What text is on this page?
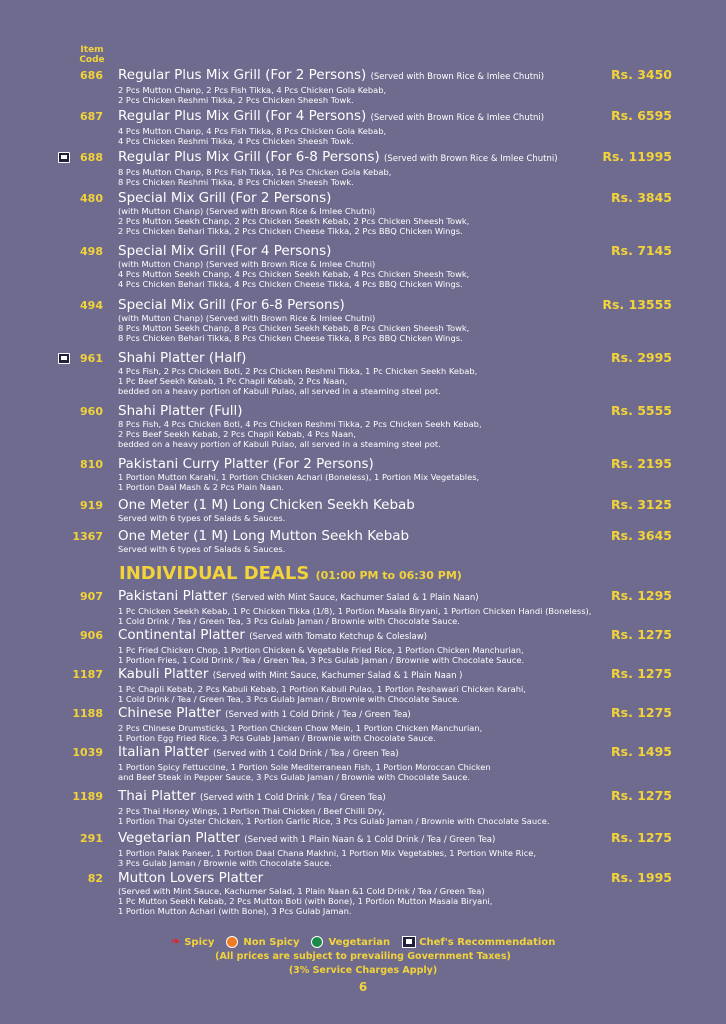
Item Code
686 Regular Plus Mix Grill (For 2 Persons) (Served with Brown Rice & Imlee Chutni)
2 Pcs Mutton Chanp, 2 Pcs Fish Tikka, 4 Pcs Chicken Gola Kebab,
2 Pcs Chicken Reshmi Tikka, 2 Pcs Chicken Sheesh Towk.
Rs. 3450
687 Regular Plus Mix Grill (For 4 Persons) (Served with Brown Rice & Imlee Chutni)
4 Pcs Mutton Chanp, 4 Pcs Fish Tikka, 8 Pcs Chicken Gola Kebab,
4 Pcs Chicken Reshmi Tikka, 4 Pcs Chicken Sheesh Towk.
Rs. 6595
688 Regular Plus Mix Grill (For 6-8 Persons) (Served with Brown Rice & Imlee Chutni)
8 Pcs Mutton Chanp, 8 Pcs Fish Tikka, 16 Pcs Chicken Gola Kebab,
8 Pcs Chicken Reshmi Tikka, 8 Pcs Chicken Sheesh Towk.
Rs. 11995
480 Special Mix Grill (For 2 Persons)
(with Mutton Chanp) (Served with Brown Rice & Imlee Chutni)
2 Pcs Mutton Seekh Chanp, 2 Pcs Chicken Seekh Kebab, 2 Pcs Chicken Sheesh Towk,
2 Pcs Chicken Behari Tikka, 2 Pcs Chicken Cheese Tikka, 2 Pcs BBQ Chicken Wings.
Rs. 3845
498 Special Mix Grill (For 4 Persons)
(with Mutton Chanp) (Served with Brown Rice & Imlee Chutni)
4 Pcs Mutton Seekh Chanp, 4 Pcs Chicken Seekh Kebab, 4 Pcs Chicken Sheesh Towk,
4 Pcs Chicken Behari Tikka, 4 Pcs Chicken Cheese Tikka, 4 Pcs BBQ Chicken Wings.
Rs. 7145
494 Special Mix Grill (For 6-8 Persons)
(with Mutton Chanp) (Served with Brown Rice & Imlee Chutni)
8 Pcs Mutton Seekh Chanp, 8 Pcs Chicken Seekh Kebab, 8 Pcs Chicken Sheesh Towk,
8 Pcs Chicken Behari Tikka, 8 Pcs Chicken Cheese Tikka, 8 Pcs BBQ Chicken Wings.
Rs. 13555
961 Shahi Platter (Half)
4 Pcs Fish, 2 Pcs Chicken Boti, 2 Pcs Chicken Reshmi Tikka, 1 Pc Chicken Seekh Kebab,
1 Pc Beef Seekh Kebab, 1 Pc Chapli Kebab, 2 Pcs Naan,
bedded on a heavy portion of Kabuli Pulao, all served in a steaming steel pot.
Rs. 2995
960 Shahi Platter (Full)
8 Pcs Fish, 4 Pcs Chicken Boti, 4 Pcs Chicken Reshmi Tikka, 2 Pcs Chicken Seekh Kebab,
2 Pcs Beef Seekh Kebab, 2 Pcs Chapli Kebab, 4 Pcs Naan,
bedded on a heavy portion of Kabuli Pulao, all served in a steaming steel pot.
Rs. 5555
810 Pakistani Curry Platter (For 2 Persons)
1 Portion Mutton Karahi, 1 Portion Chicken Achari (Boneless), 1 Portion Mix Vegetables,
1 Portion Daal Mash & 2 Pcs Plain Naan.
Rs. 2195
919 One Meter (1 M) Long Chicken Seekh Kebab
Served with 6 types of Salads & Sauces.
Rs. 3125
1367 One Meter (1 M) Long Mutton Seekh Kebab
Served with 6 types of Salads & Sauces.
Rs. 3645
INDIVIDUAL DEALS (01:00 PM to 06:30 PM)
907 Pakistani Platter (Served with Mint Sauce, Kachumer Salad & 1 Plain Naan)
1 Pc Chicken Seekh Kebab, 1 Pc Chicken Tikka (1/8), 1 Portion Masala Biryani, 1 Portion Chicken Handi (Boneless),
1 Cold Drink / Tea / Green Tea, 3 Pcs Gulab Jaman / Brownie with Chocolate Sauce.
Rs. 1295
906 Continental Platter (Served with Tomato Ketchup & Coleslaw)
1 Pc Fried Chicken Chop, 1 Portion Chicken & Vegetable Fried Rice, 1 Portion Chicken Manchurian,
1 Portion Fries, 1 Cold Drink / Tea / Green Tea, 3 Pcs Gulab Jaman / Brownie with Chocolate Sauce.
Rs. 1275
1187 Kabuli Platter (Served with Mint Sauce, Kachumer Salad & 1 Plain Naan )
1 Pc Chapli Kebab, 2 Pcs Kabuli Kebab, 1 Portion Kabuli Pulao, 1 Portion Peshawari Chicken Karahi,
1 Cold Drink / Tea / Green Tea, 3 Pcs Gulab Jaman / Brownie with Chocolate Sauce.
Rs. 1275
1188 Chinese Platter (Served with 1 Cold Drink / Tea / Green Tea)
2 Pcs Chinese Drumsticks, 1 Portion Chicken Chow Mein, 1 Portion Chicken Manchurian,
1 Portion Egg Fried Rice, 3 Pcs Gulab Jaman / Brownie with Chocolate Sauce.
Rs. 1275
1039 Italian Platter (Served with 1 Cold Drink / Tea / Green Tea)
1 Portion Spicy Fettuccine, 1 Portion Sole Mediterranean Fish, 1 Portion Moroccan Chicken
and Beef Steak in Pepper Sauce, 3 Pcs Gulab Jaman / Brownie with Chocolate Sauce.
Rs. 1495
1189 Thai Platter (Served with 1 Cold Drink / Tea / Green Tea)
2 Pcs Thai Honey Wings, 1 Portion Thai Chicken / Beef Chilli Dry,
1 Portion Thai Oyster Chicken, 1 Portion Garlic Rice, 3 Pcs Gulab Jaman / Brownie with Chocolate Sauce.
Rs. 1275
291 Vegetarian Platter (Served with 1 Plain Naan & 1 Cold Drink / Tea / Green Tea)
1 Portion Palak Paneer, 1 Portion Daal Chana Makhni, 1 Portion Mix Vegetables, 1 Portion White Rice,
3 Pcs Gulab Jaman / Brownie with Chocolate Sauce.
Rs. 1275
82 Mutton Lovers Platter
(Served with Mint Sauce, Kachumer Salad, 1 Plain Naan &1 Cold Drink / Tea / Green Tea)
1 Pc Mutton Seekh Kebab, 2 Pcs Mutton Boti (with Bone), 1 Portion Mutton Masala Biryani,
1 Portion Mutton Achari (with Bone), 3 Pcs Gulab Jaman.
Rs. 1995
❧ Spicy	Non Spicy	Vegetarian	Chef's Recommendation
(All prices are subject to prevailing Government Taxes)
(3% Service Charges Apply)
6
